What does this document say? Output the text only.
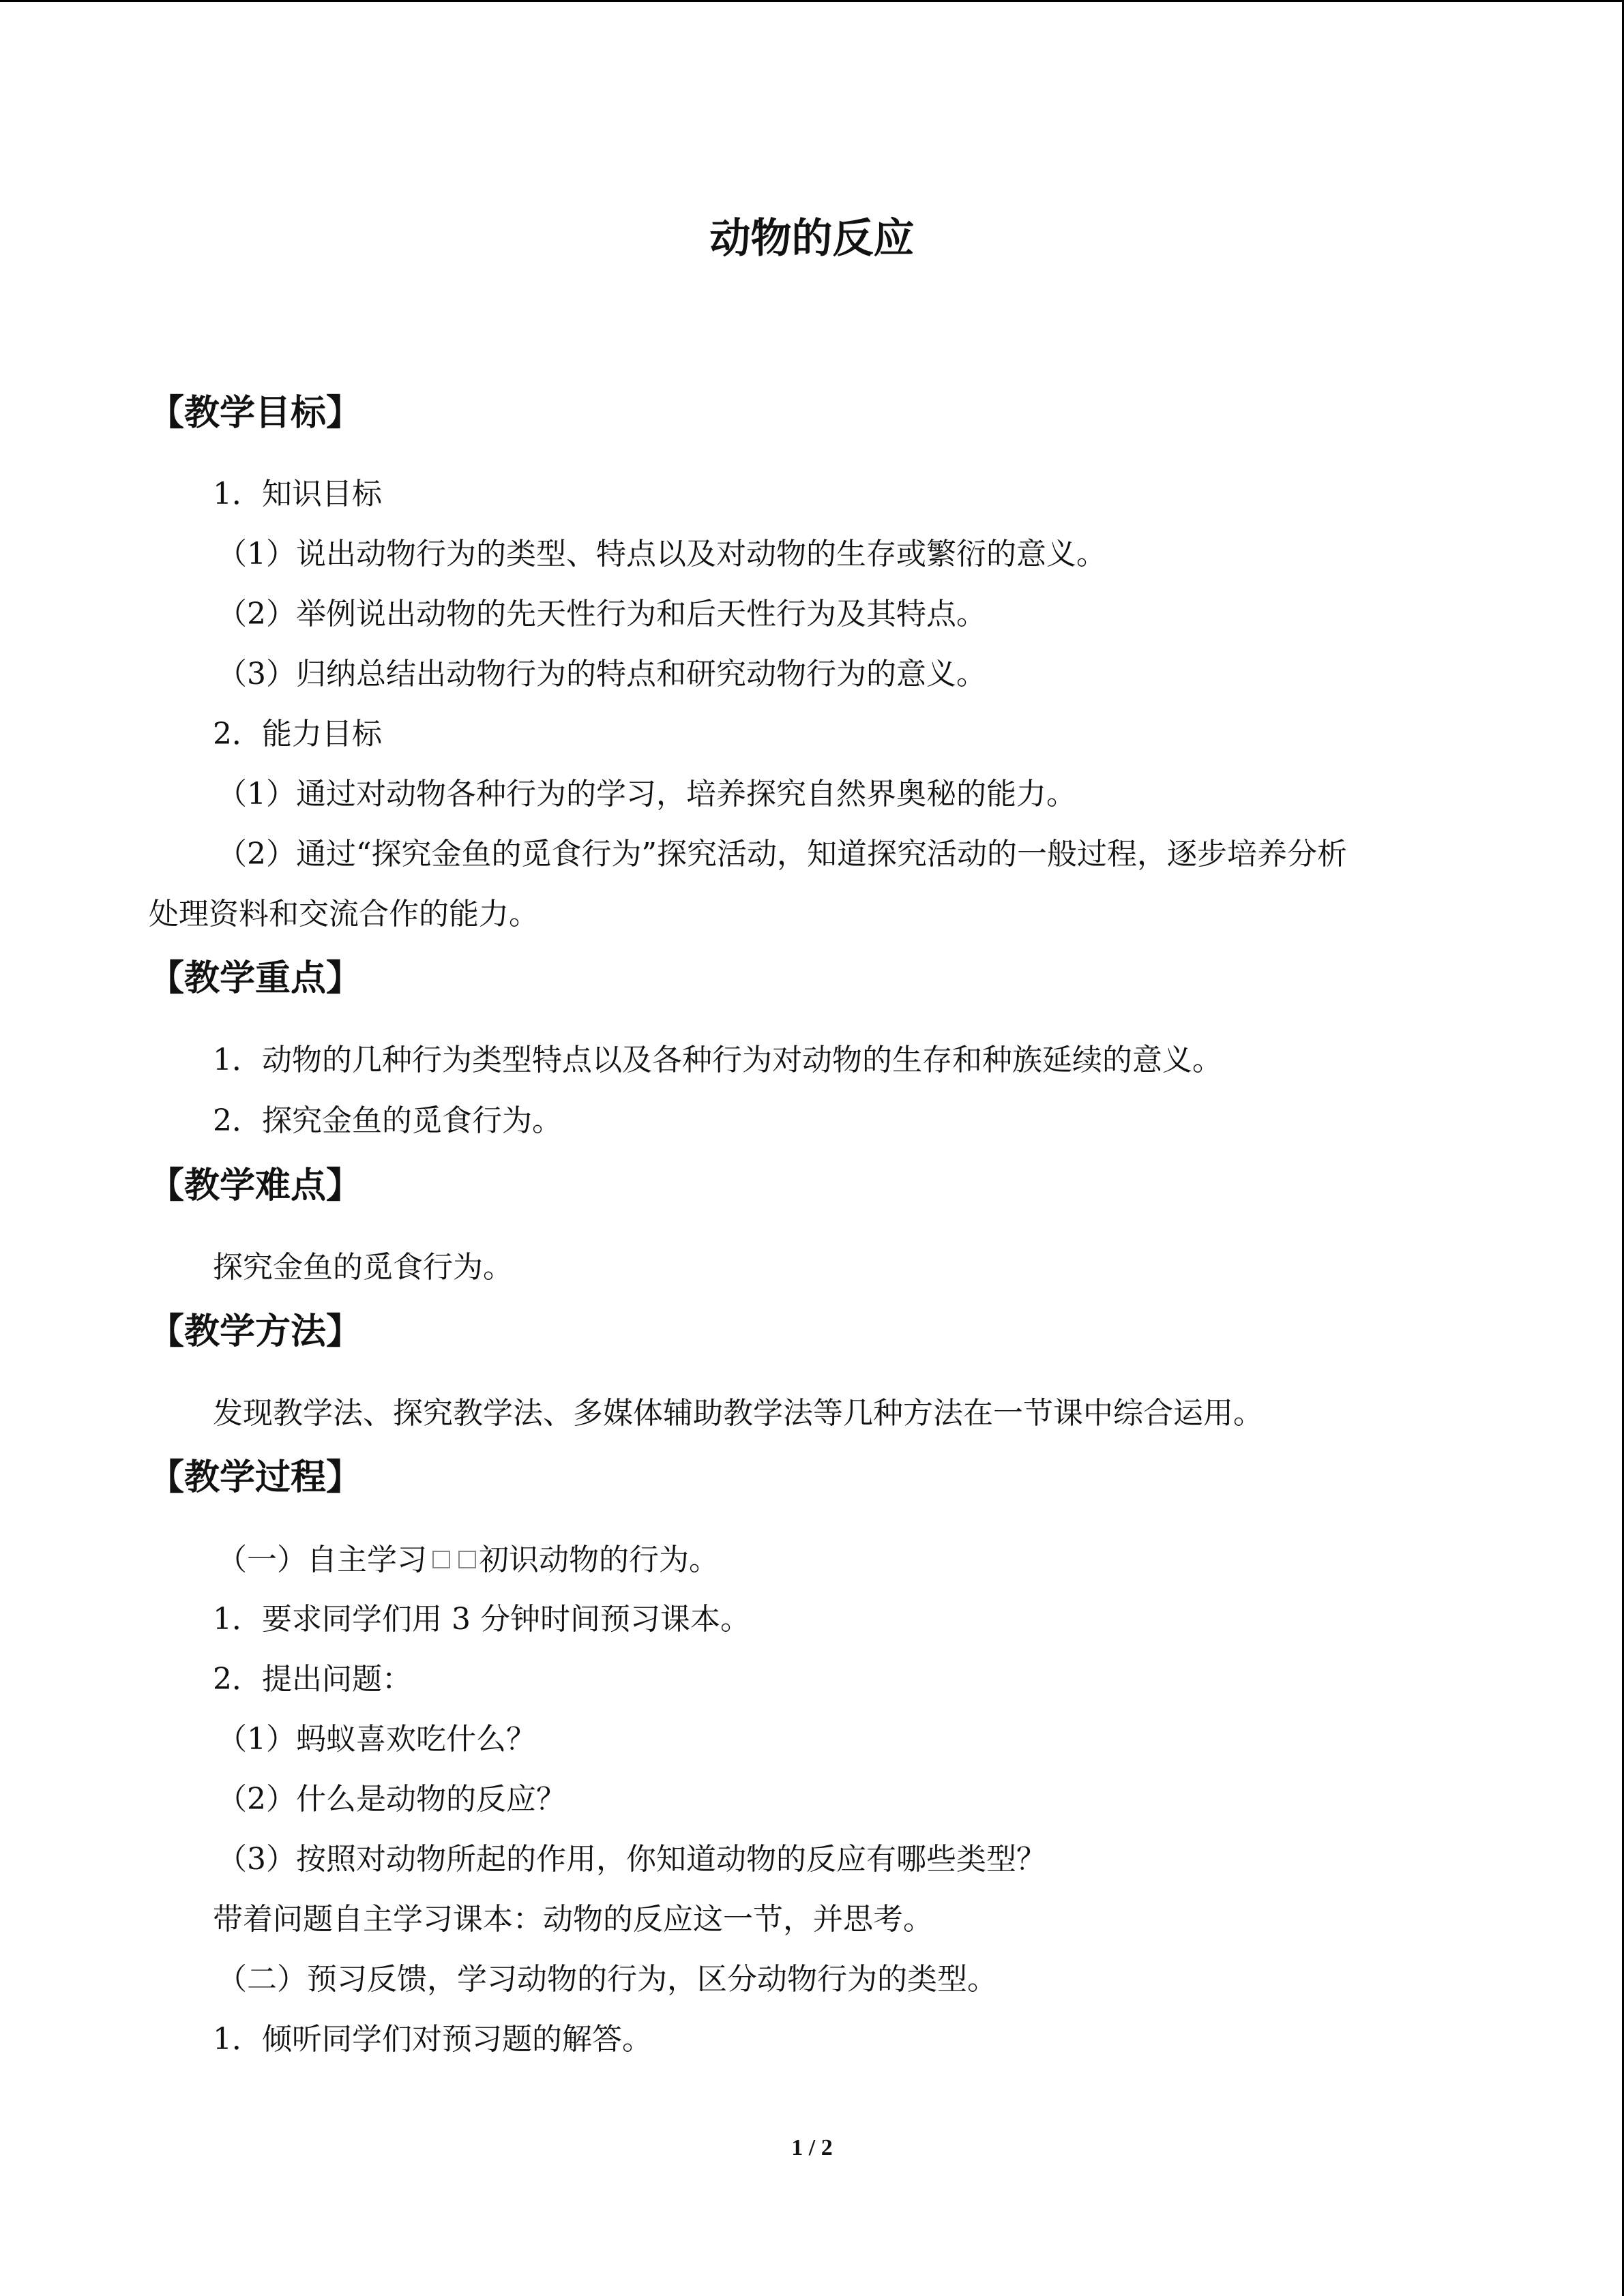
动物的反应
【教学目标】
1．知识目标
（1）说出动物行为的类型、特点以及对动物的生存或繁衍的意义。
（2）举例说出动物的先天性行为和后天性行为及其特点。
（3）归纳总结出动物行为的特点和研究动物行为的意义。
2．能力目标
（1）通过对动物各种行为的学习，培养探究自然界奥秘的能力。
（2）通过“探究金鱼的觅食行为”探究活动，知道探究活动的一般过程，逐步培养分析
处理资料和交流合作的能力。
【教学重点】
1．动物的几种行为类型特点以及各种行为对动物的生存和种族延续的意义。
2．探究金鱼的觅食行为。
【教学难点】
探究金鱼的觅食行为。
【教学方法】
发现教学法、探究教学法、多媒体辅助教学法等几种方法在一节课中综合运用。
【教学过程】
（一）自主学习 初识动物的行为。
1．要求同学们用 3 分钟时间预习课本。
2．提出问题：
（1）蚂蚁喜欢吃什么？
（2）什么是动物的反应？
（3）按照对动物所起的作用，你知道动物的反应有哪些类型？
带着问题自主学习课本：动物的反应这一节，并思考。
（二）预习反馈，学习动物的行为，区分动物行为的类型。
1．倾听同学们对预习题的解答。
1 / 2
